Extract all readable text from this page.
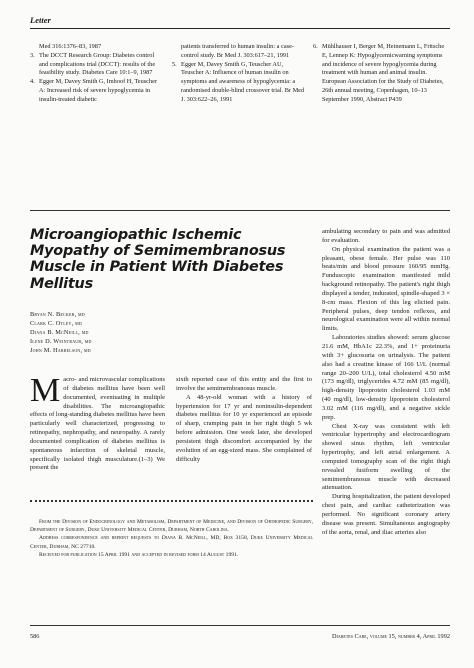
Letter
Med 316:1376–83, 1987
3. The DCCT Research Group: Diabetes control and complications trial (DCCT): results of the feasibility study. Diabetes Care 10:1–9, 1987
4. Egger M, Davey Smith G, Imhoof H, Teuscher A: Increased risk of severe hypoglycemia in insulin-treated diabetic
patients transferred to human insulin: a case-control study. Br Med J. 303:617–21, 1991
5. Egger M, Davey Smith G, Teuscher AU, Teuscher A: Influence of human insulin on symptoms and awareness of hypoglycemia: a randomised double-blind crossover trial. Br Med J. 303:622–26, 1991
6. Mühlhauser I, Berger M, Heinemann L, Fritsche E, Lennep K: Hypoglycemicwarning symptoms and incidence of severe hypoglycemia during treatment with human and animal insulin. European Association for the Study of Diabetes, 26th annual meeting, Copenhagen, 10–13 September 1990, Abstract P439
Microangiopathic Ischemic Myopathy of Semimembranosus Muscle in Patient With Diabetes Mellitus
Bryan N. Becker, md
Clark C. Otley, md
Diana B. McNeill, md
Ilene D. Weintraub, md
John M. Harrelson, md

Macro- and microvascular complications of diabetes mellitus have been well documented, eventuating in multiple disabilities. The microangiopathic effects of long-standing diabetes mellitus have been particularly well characterized, progressing to retinopathy, nephropathy, and neuropathy. A rarely documented complication of diabetes mellitus is spontaneous infarction of skeletal muscle, specifically isolated thigh musculature.(1–3) We present the

sixth reported case of this entity and the first to involve the semimembranosus muscle.

A 48-yr-old woman with a history of hypertension for 17 yr and noninsulin-dependent diabetes mellitus for 10 yr experienced an episode of sharp, cramping pain in her right thigh 5 wk before admission. One week later, she developed persistent thigh discomfort accompanied by the evolution of an egg-sized mass. She complained of difficulty

ambulating secondary to pain and was admitted for evaluation.

On physical examination the patient was a pleasant, obese female. Her pulse was 110 beats/min and blood pressure 160/95 mmHg. Funduscopic examination manifested mild background retinopathy. The patient's right thigh displayed a tender, indurated, spindle-shaped 3 × 8-cm mass. Flexion of this leg elicited pain. Peripheral pulses, deep tendon reflexes, and neurological examination were all within normal limits.

Laboratories studies showed: serum glucose 21.6 mM, HbA1c 22.3%, and 1+ proteinuria with 3+ glucosuria on urinalysis. The patient also had a creatine kinase of 166 U/L (normal range 20–200 U/L), total cholesterol 4.50 mM (173 mg/dl), triglycerides 4.72 mM (85 mg/dl), high-density lipoprotein cholesterol 1.03 mM (40 mg/dl), low-density lipoprotein cholesterol 3.02 mM (116 mg/dl), and a negative sickle prep.

Chest X-ray was consistent with left ventricular hypertrophy and electrocardiogram showed sinus rhythm, left ventricular hypertrophy, and left atrial enlargement. A computed tomography scan of the right thigh revealed fusiform swelling of the semimembranosus muscle with decreased attenuation.

During hospitalization, the patient developed chest pain, and cardiac catheterization was performed. No significant coronary artery disease was present. Simultaneous angiography of the aorta, renal, and iliac arteries also

From the Division of Endocrinology and Metabolism, Department of Medicine, and Division of Orthopedic Surgery, Department of Surgery, Duke University Medical Center, Durham, North Carolina.

Address correspondence and reprint requests to Diana B. McNeill, MD, Box 3158, Duke University Medical Center, Durham, NC 27710.

Received for publication 15 April 1991 and accepted in revised form 14 August 1991.

586	Diabetes Care, volume 15, number 4, April 1992
